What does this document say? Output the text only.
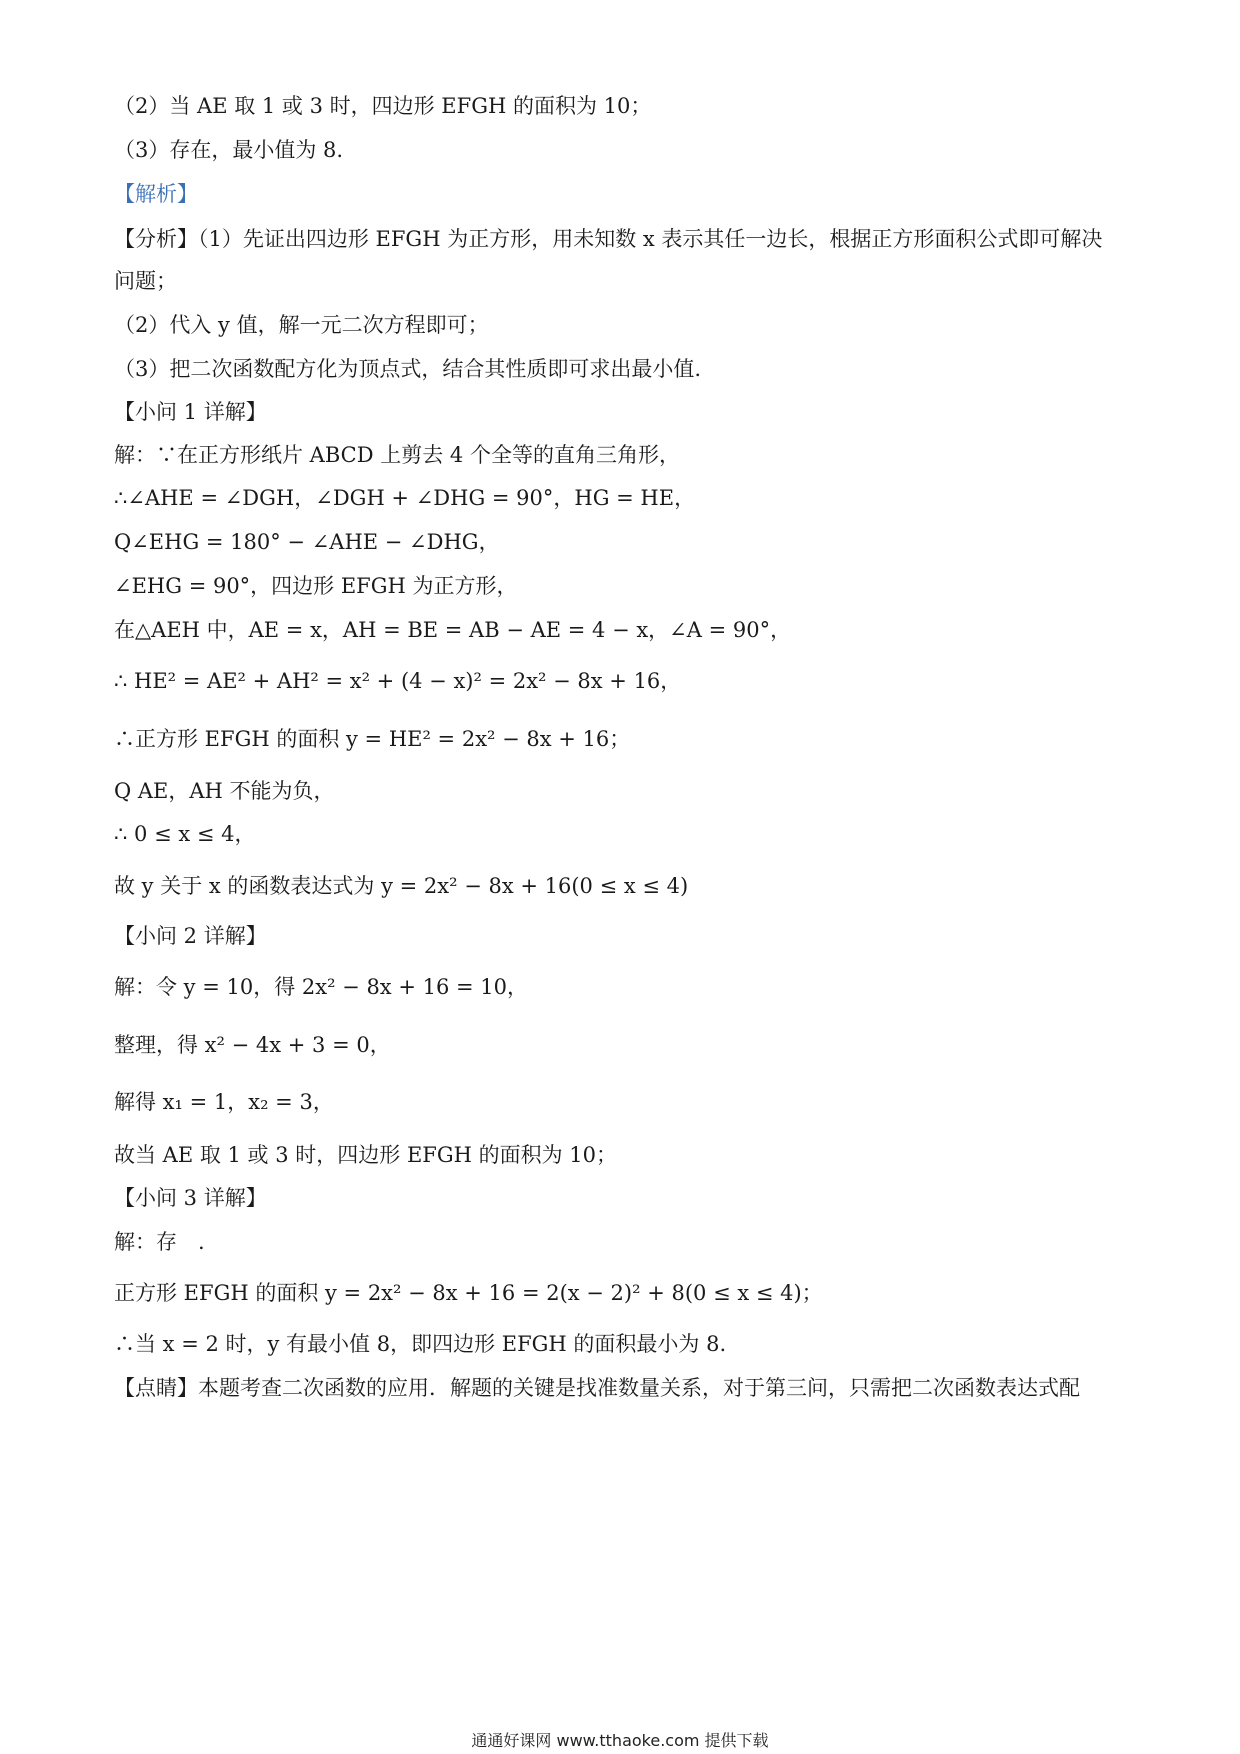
（2）当 AE 取 1 或 3 时，四边形 EFGH 的面积为 10；
（3）存在，最小值为 8.
【解析】
【分析】（1）先证出四边形 EFGH 为正方形，用未知数 x 表示其任一边长，根据正方形面积公式即可解决
问题；
（2）代入 y 值，解一元二次方程即可；
（3）把二次函数配方化为顶点式，结合其性质即可求出最小值.
【小问 1 详解】
解：∵在正方形纸片 ABCD 上剪去 4 个全等的直角三角形，
∴∠AHE = ∠DGH，∠DGH + ∠DHG = 90°，HG = HE，
Q∠EHG = 180° − ∠AHE − ∠DHG，
∠EHG = 90°，四边形 EFGH 为正方形，
在△AEH 中，AE = x，AH = BE = AB − AE = 4 − x，∠A = 90°，
∴ HE² = AE² + AH² = x² + (4 − x)² = 2x² − 8x + 16，
∴正方形 EFGH 的面积 y = HE² = 2x² − 8x + 16；
Q AE，AH 不能为负，
∴ 0 ≤ x ≤ 4，
故 y 关于 x 的函数表达式为 y = 2x² − 8x + 16(0 ≤ x ≤ 4)
【小问 2 详解】
解：令 y = 10，得 2x² − 8x + 16 = 10，
整理，得 x² − 4x + 3 = 0，
解得 x₁ = 1，x₂ = 3，
故当 AE 取 1 或 3 时，四边形 EFGH 的面积为 10；
【小问 3 详解】
解：存　.
正方形 EFGH 的面积 y = 2x² − 8x + 16 = 2(x − 2)² + 8(0 ≤ x ≤ 4)；
∴当 x = 2 时，y 有最小值 8，即四边形 EFGH 的面积最小为 8.
【点睛】本题考查二次函数的应用．解题的关键是找准数量关系，对于第三问，只需把二次函数表达式配
通通好课网 www.tthaoke.com 提供下载
